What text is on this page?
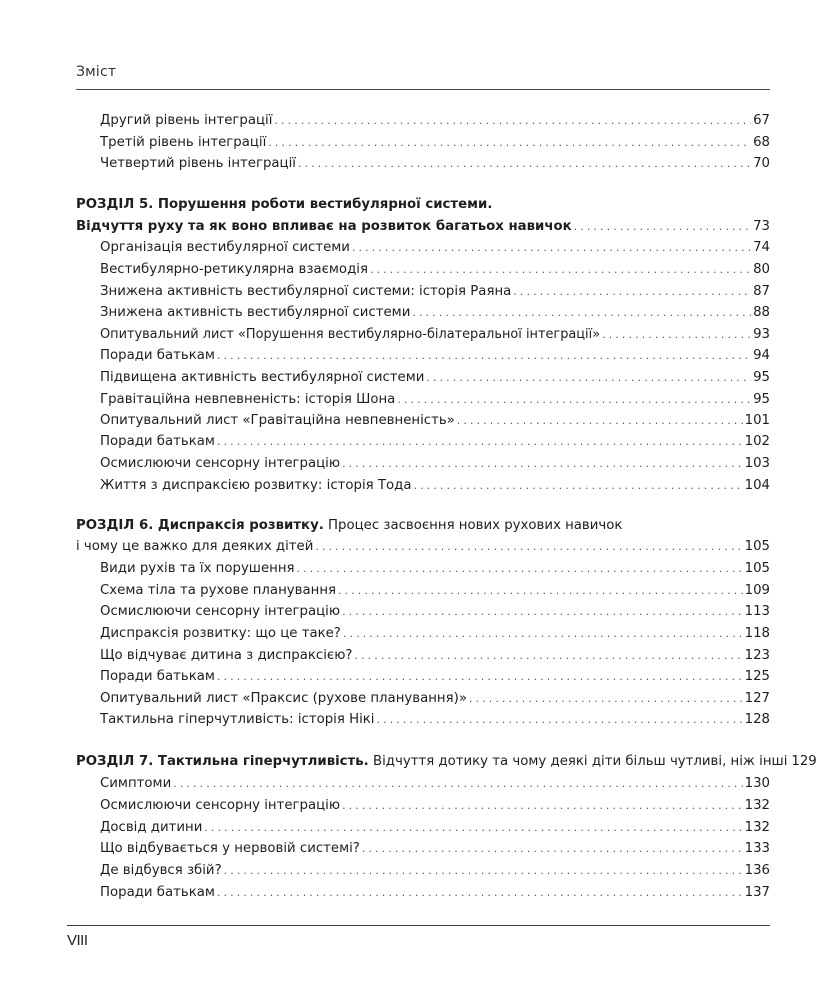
Зміст
Другий рівень інтеграції .....	67
Третій рівень інтеграції .....	68
Четвертий рівень інтеграції .....	70
РОЗДІЛ 5. Порушення роботи вестибулярної системи.
Відчуття руху та як воно впливає на розвиток багатьох навичок .....	73
Організація вестибулярної системи .....	74
Вестибулярно-ретикулярна взаємодія .....	80
Знижена активність вестибулярної системи: історія Раяна .....	87
Знижена активність вестибулярної системи .....	88
Опитувальний лист «Порушення вестибулярно-білатеральної інтеграції» .....	93
Поради батькам .....	94
Підвищена активність вестибулярної системи .....	95
Гравітаційна невпевненість: історія Шона .....	95
Опитувальний лист «Гравітаційна невпевненість» .....	101
Поради батькам .....	102
Осмислюючи сенсорну інтеграцію .....	103
Життя з диспраксією розвитку: історія Тода .....	104
РОЗДІЛ 6. Диспраксія розвитку. Процес засвоєння нових рухових навичок
і чому це важко для деяких дітей .....	105
Види рухів та їх порушення .....	105
Схема тіла та рухове планування .....	109
Осмислюючи сенсорну інтеграцію .....	113
Диспраксія розвитку: що це таке? .....	118
Що відчуває дитина з диспраксією? .....	123
Поради батькам .....	125
Опитувальний лист «Праксис (рухове планування)» .....	127
Тактильна гіперчутливість: історія Нікі .....	128
РОЗДІЛ 7. Тактильна гіперчутливість. Відчуття дотику та чому деякі діти більш чутливі, ніж інші 129
Симптоми .....	130
Осмислюючи сенсорну інтеграцію .....	132
Досвід дитини .....	132
Що відбувається у нервовій системі? .....	133
Де відбувся збій? .....	136
Поради батькам .....	137
VIII
